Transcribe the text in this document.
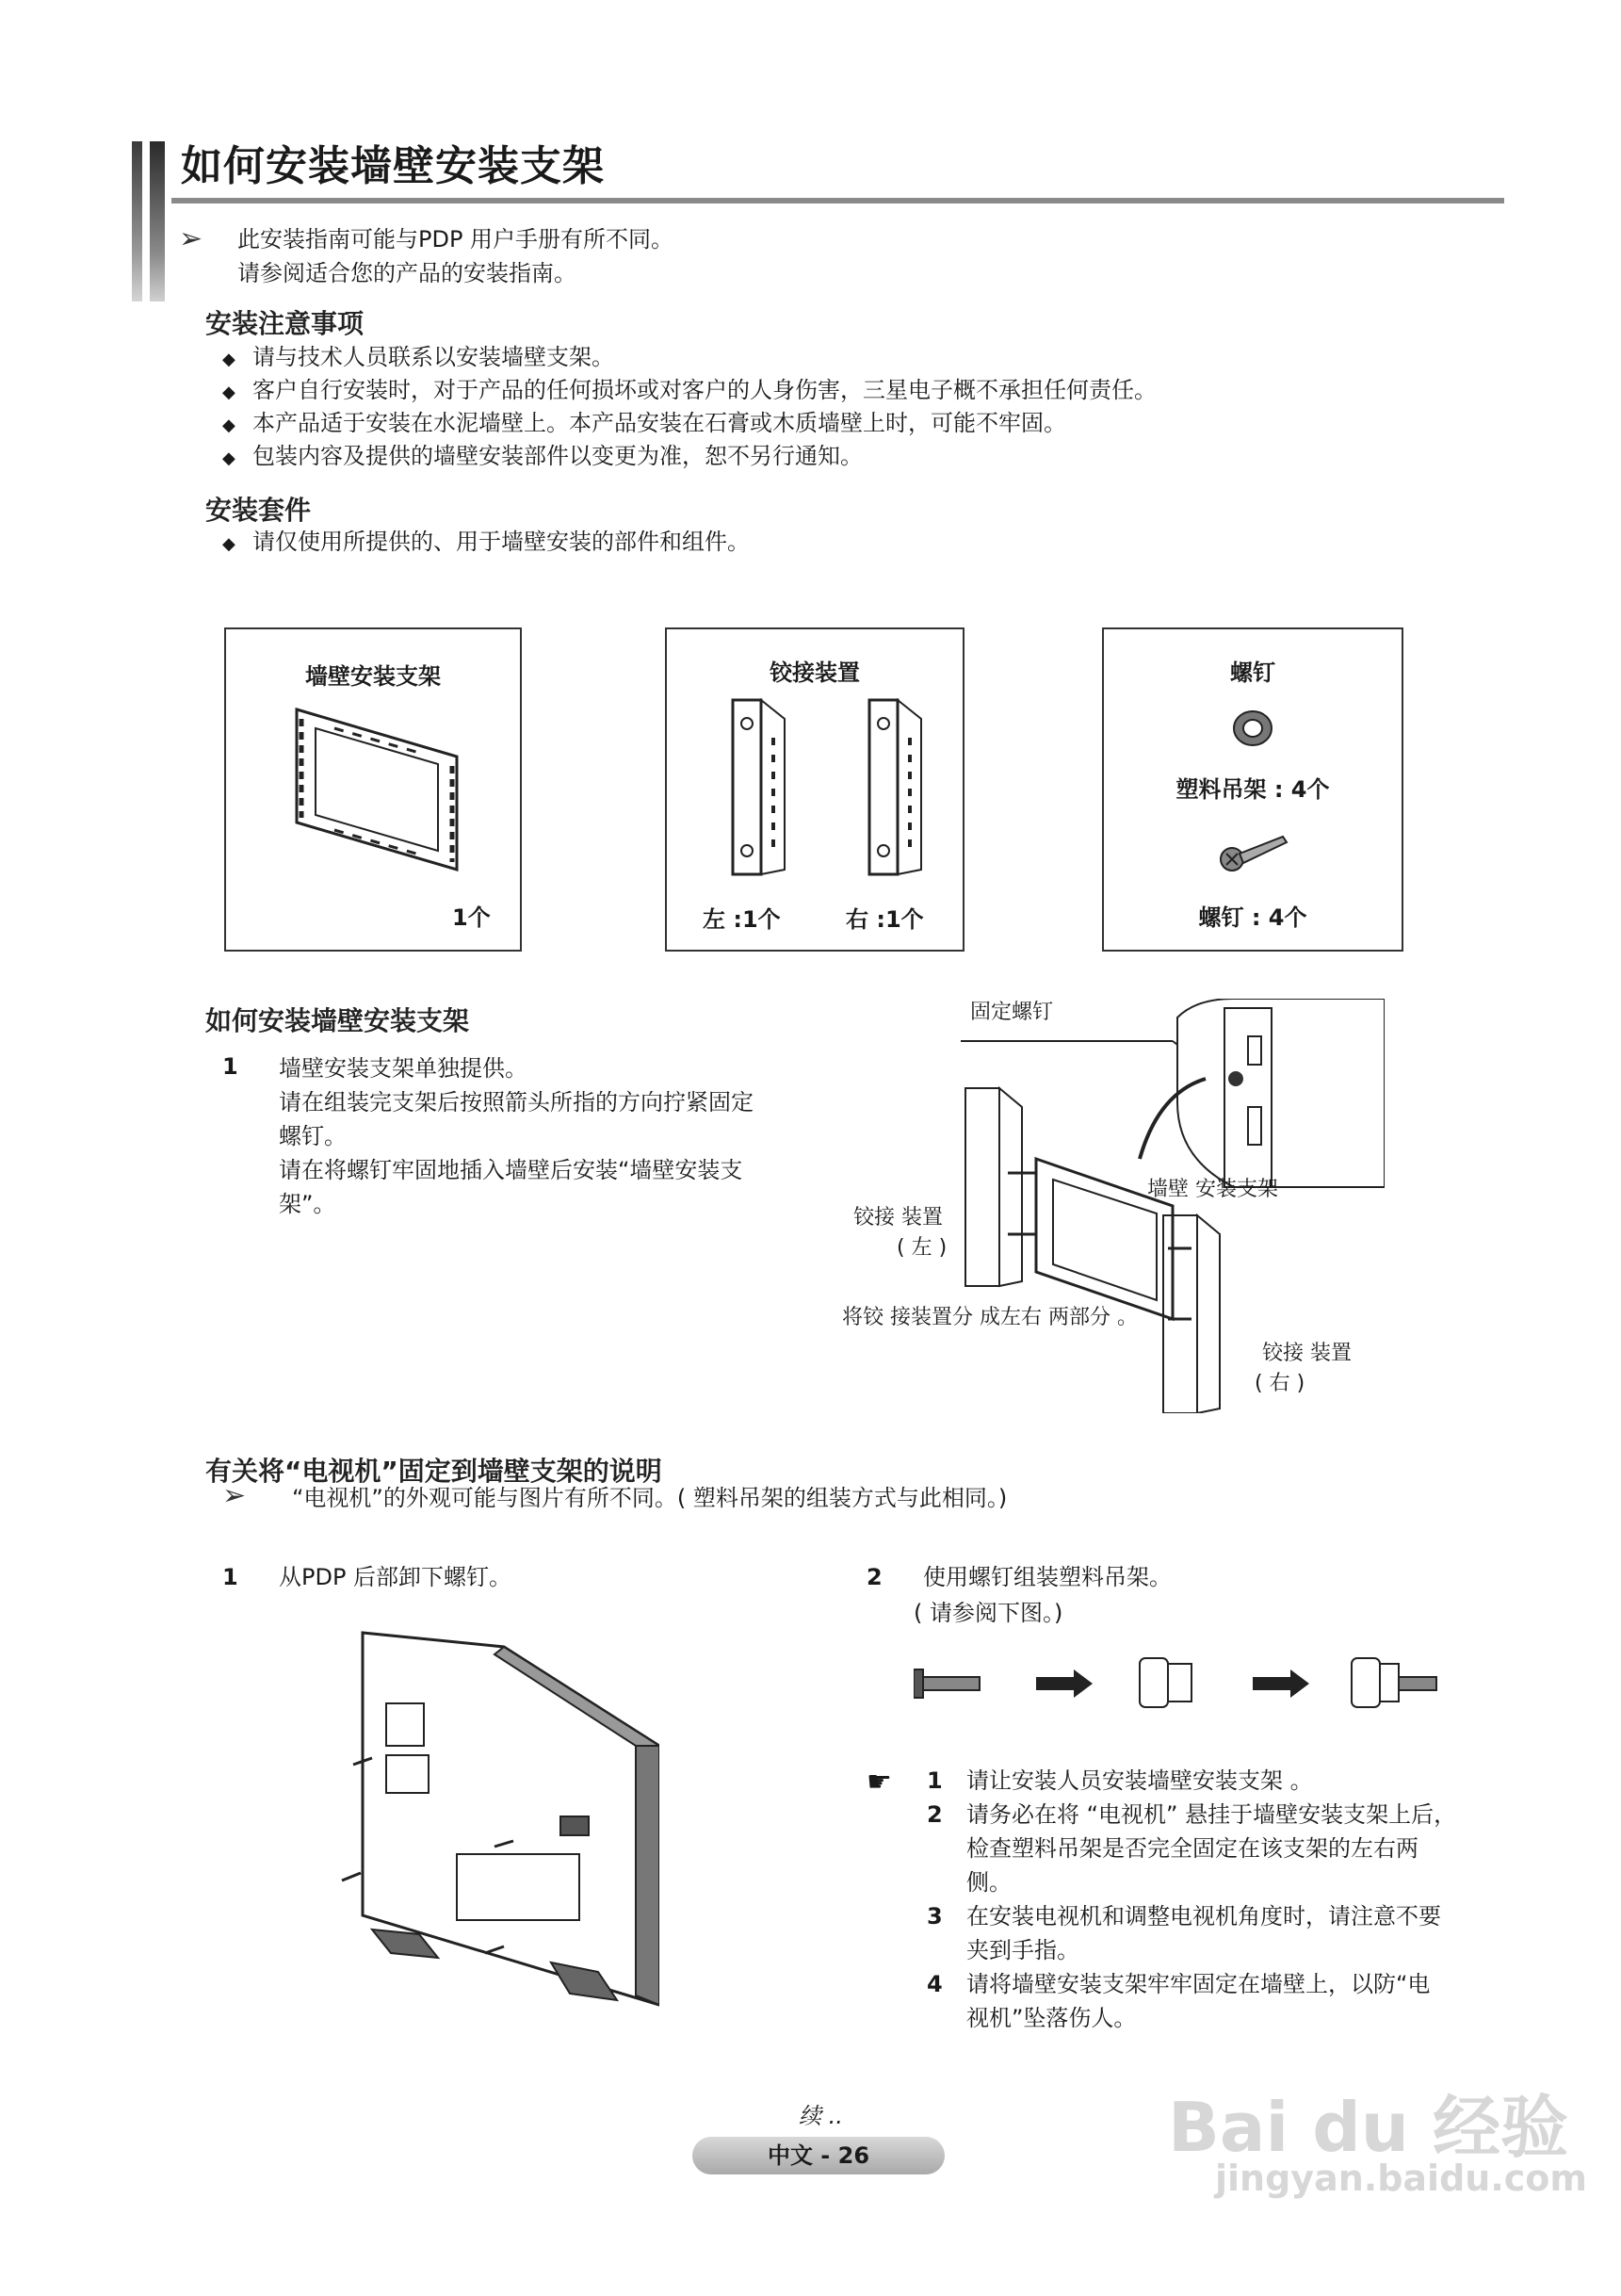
如何安装墙壁安装支架
➢ 此安装指南可能与PDP 用户手册有所不同。
请参阅适合您的产品的安装指南。
安装注意事项
◆ 请与技术人员联系以安装墙壁支架。
◆ 客户自行安装时，对于产品的任何损坏或对客户的人身伤害，三星电子概不承担任何责任。
◆ 本产品适于安装在水泥墙壁上。本产品安装在石膏或木质墙壁上时，可能不牢固。
◆ 包装内容及提供的墙壁安装部件以变更为准，恕不另行通知。
安装套件
◆ 请仅使用所提供的、用于墙壁安装的部件和组件。
墙壁安装支架
1个
铰接装置
左 :1个	右 :1个
螺钉
塑料吊架 : 4个
螺钉 : 4个
如何安装墙壁安装支架
1 墙壁安装支架单独提供。
请在组装完支架后按照箭头所指的方向拧紧固定
螺钉。
请在将螺钉牢固地插入墙壁后安装“墙壁安装支
架”。
固定螺钉
墙壁 安装支架
铰接 装置
( 左 )
将铰 接装置分 成左右 两部分 。
铰接 装置
( 右 )
有关将“电视机”固定到墙壁支架的说明
➢ “电视机”的外观可能与图片有所不同。( 塑料吊架的组装方式与此相同。)
1 从PDP 后部卸下螺钉。	2 使用螺钉组装塑料吊架。
( 请参阅下图。)
☛ 1 请让安装人员安装墙壁安装支架 。
2 请务必在将 “电视机” 悬挂于墙壁安装支架上后，
检查塑料吊架是否完全固定在该支架的左右两
侧。
3 在安装电视机和调整电视机角度时，请注意不要
夹到手指。
4 请将墙壁安装支架牢牢固定在墙壁上，以防“电
视机”坠落伤人。
续 ..
中文 - 26	Bai du 经验
jingyan.baidu.com
